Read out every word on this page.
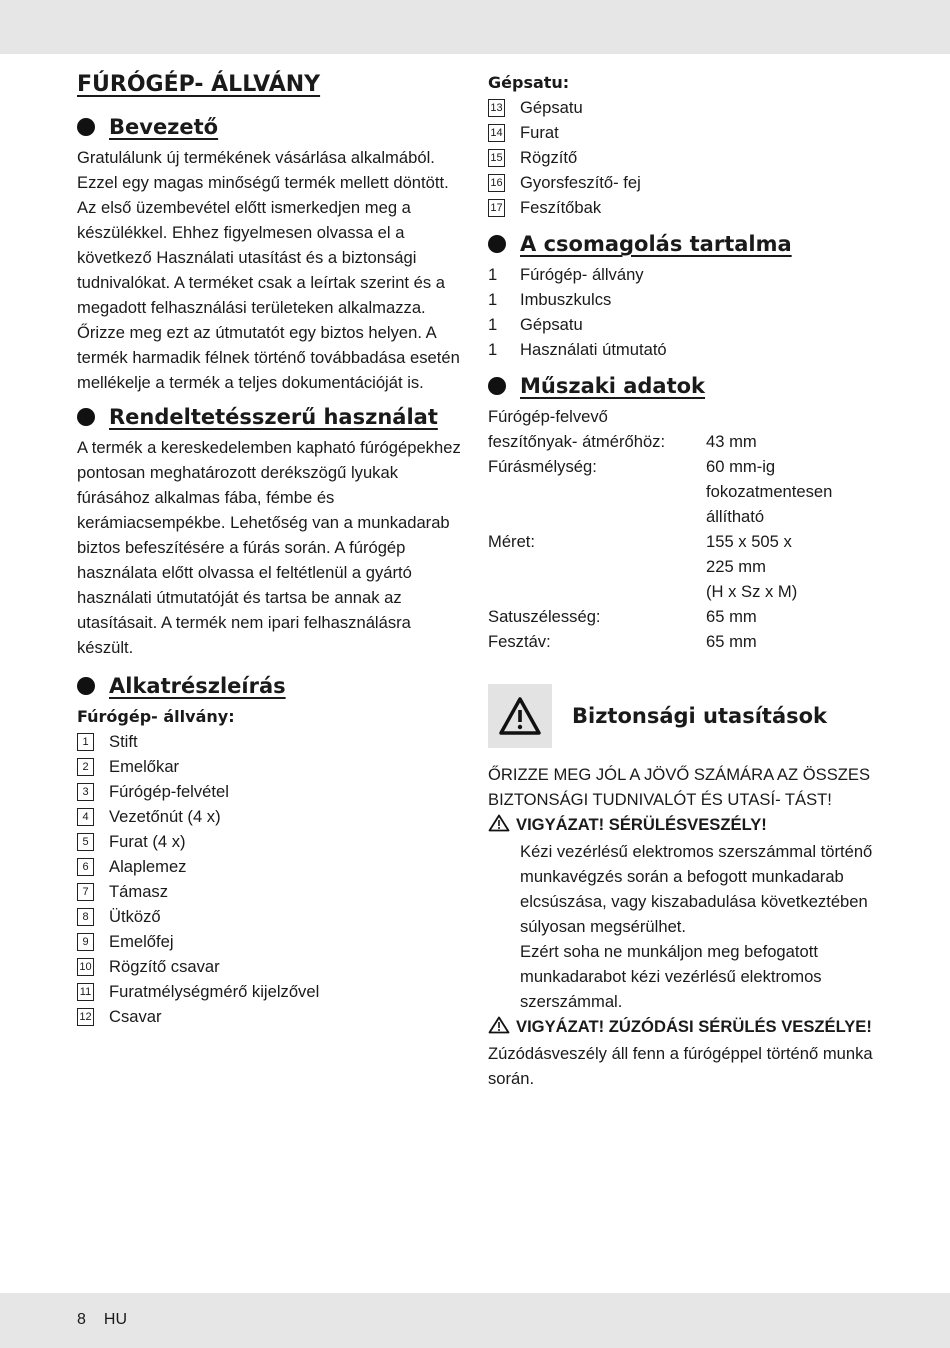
FÚRÓGÉP- ÁLLVÁNY
Bevezető

Gratulálunk új termékének vásárlása alkalmából. Ezzel egy magas minőségű termék mellett döntött. Az első üzembevétel előtt ismerkedjen meg a készülékkel. Ehhez figyelmesen olvassa el a következő Használati utasítást és a biztonsági tudnivalókat. A terméket csak a leírtak szerint és a megadott felhasználási területeken alkalmazza. Őrizze meg ezt az útmutatót egy biztos helyen. A termék harmadik félnek történő továbbadása esetén mellékelje a termék a teljes dokumentációját is.

Rendeltetésszerű használat

A termék a kereskedelemben kapható fúrógépekhez pontosan meghatározott derékszögű lyukak fúrásához alkalmas fába, fémbe és kerámiacsempékbe. Lehetőség van a munkadarab biztos befeszítésére a fúrás során. A fúrógép használata előtt olvassa el feltétlenül a gyártó használati útmutatóját és tartsa be annak az utasításait. A termék nem ipari felhasználásra készült.

Alkatrészleírás
Fúrógép- állvány:
1	Stift
2	Emelőkar
3	Fúrógép-felvétel
4	Vezetőnút (4 x)
5	Furat (4 x)
6	Alaplemez
7	Támasz
8	Ütköző
9	Emelőfej
10 Rögzítő csavar
11 Furatmélységmérő kijelzővel
12 Csavar
Gépsatu:
13 Gépsatu
14 Furat
15 Rögzítő
16 Gyorsfeszítő- fej
17 Feszítőbak
A csomagolás tartalma
1	Fúrógép- állvány
1	Imbuszkulcs
1	Gépsatu
1	Használati útmutató
Műszaki adatok
Fúrógép-felvevő	
feszítőnyak- átmérőhöz:	43 mm
Fúrásmélység:	60 mm-ig
	fokozatmentesen
	állítható
Méret:	155 x 505 x
	225 mm
	(H x Sz x M)
Satuszélesség:	65 mm
Fesztáv:	65 mm
Biztonsági utasítások

ŐRIZZE MEG JÓL A JÖVŐ SZÁMÁRA AZ ÖSSZES BIZTONSÁGI TUDNIVALÓT ÉS UTASÍ- TÁST!

VIGYÁZAT! SÉRÜLÉSVESZÉLY!

Kézi vezérlésű elektromos szerszámmal történő munkavégzés során a befogott munkadarab elcsúszása, vagy kiszabadulása következtében súlyosan megsérülhet.

Ezért soha ne munkáljon meg befogatott munkadarabot kézi vezérlésű elektromos szerszámmal.

VIGYÁZAT! ZÚZÓDÁSI SÉRÜLÉS VESZÉLYE! Zúzódásveszély áll fenn a fúrógéppel történő munka során.

8 HU
